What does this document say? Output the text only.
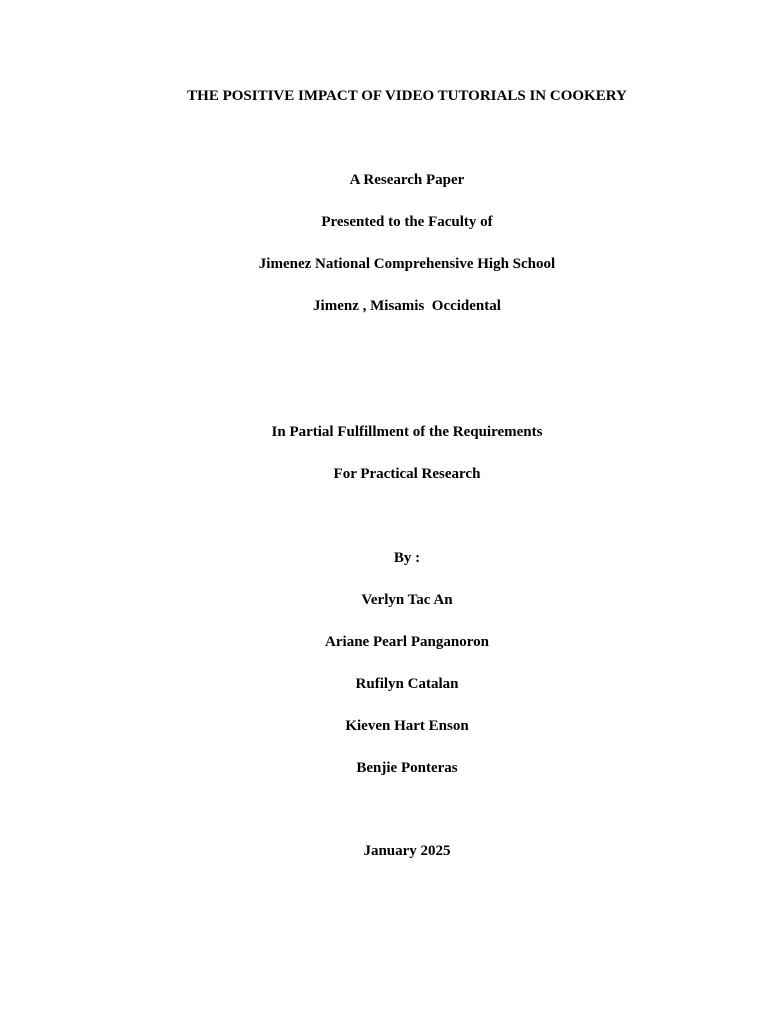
THE POSITIVE IMPACT OF VIDEO TUTORIALS IN COOKERY
A Research Paper
Presented to the Faculty of
Jimenez National Comprehensive High School
Jimenz , Misamis  Occidental
In Partial Fulfillment of the Requirements
For Practical Research
By :
Verlyn Tac An
Ariane Pearl Panganoron
Rufilyn Catalan
Kieven Hart Enson
Benjie Ponteras
January 2025
